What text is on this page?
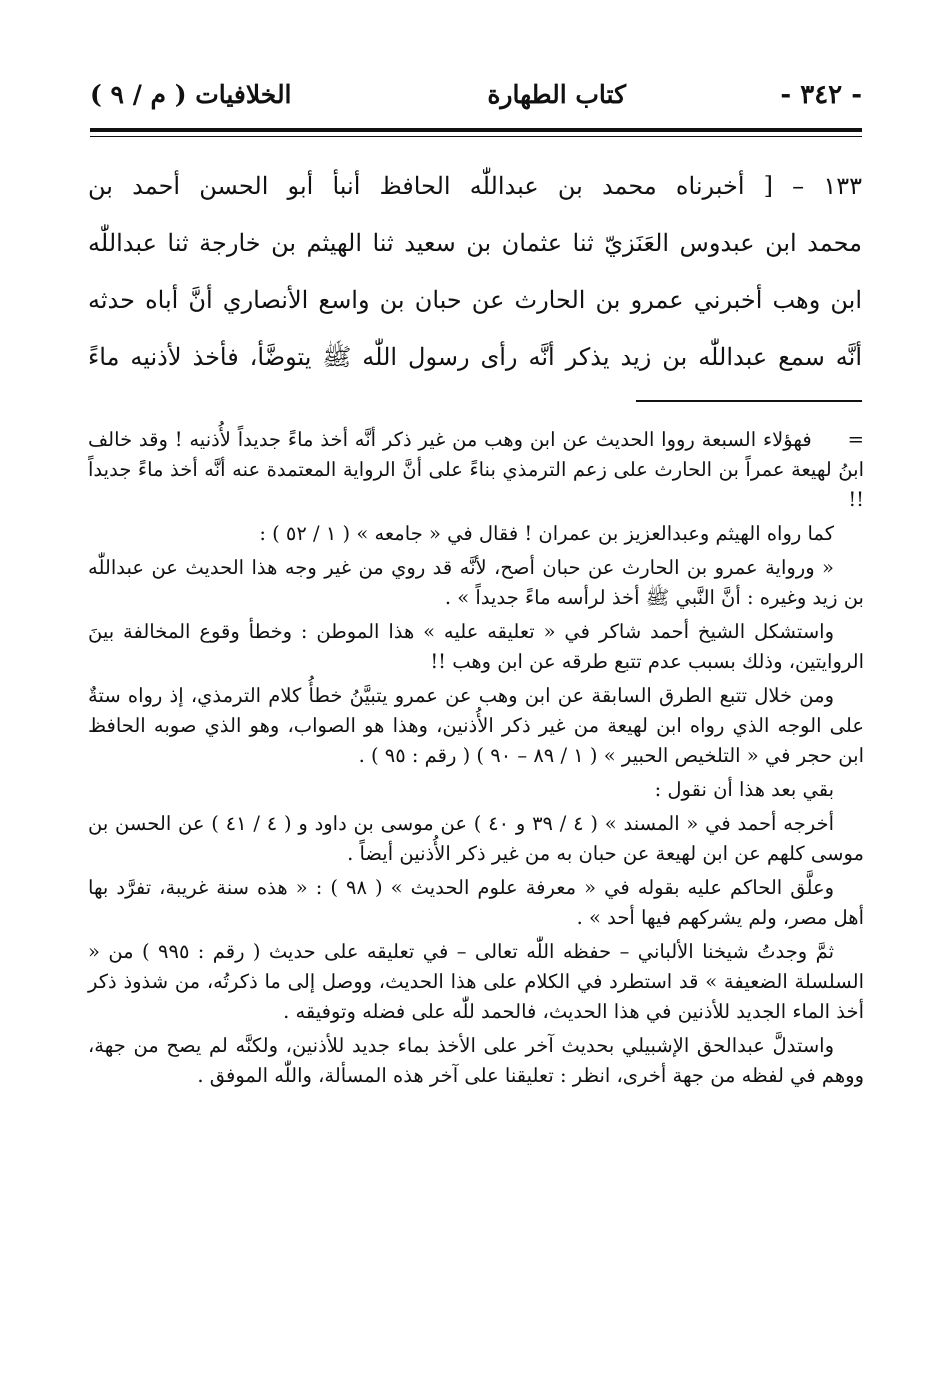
- ٣٤٢ -
كتاب الطهارة
الخلافيات ( م / ٩ )

١٣٣ – [ أخبرناه محمد بن عبداللّٰه الحافظ أنبأ أبو الحسن أحمد بن

محمد ابن عبدوس العَنَزيّ ثنا عثمان بن سعيد ثنا الهيثم بن خارجة ثنا عبداللّٰه

ابن وهب أخبرني عمرو بن الحارث عن حبان بن واسع الأنصاري أنَّ أباه حدثه

أنَّه سمع عبداللّٰه بن زيد يذكر أنَّه رأى رسول اللّٰه ﷺ يتوضَّأ، فأخذ لأذنيه ماءً

=فهؤلاء السبعة رووا الحديث عن ابن وهب من غير ذكر أنَّه أخذ ماءً جديداً لأُذنيه ! وقد خالف ابنُ لهيعة عمراً بن الحارث على زعم الترمذي بناءً على أنَّ الرواية المعتمدة عنه أنَّه أخذ ماءً جديداً !!

كما رواه الهيثم وعبدالعزيز بن عمران ! فقال في « جامعه » ( ١ / ٥٢ ) :

« ورواية عمرو بن الحارث عن حبان أصح، لأنَّه قد روي من غير وجه هذا الحديث عن عبداللّٰه بن زيد وغيره : أنَّ النَّبي ﷺ أخذ لرأسه ماءً جديداً » .

واستشكل الشيخ أحمد شاكر في « تعليقه عليه » هذا الموطن : وخطأ وقوع المخالفة بينَ الروايتين، وذلك بسبب عدم تتبع طرقه عن ابن وهب !!

ومن خلال تتبع الطرق السابقة عن ابن وهب عن عمرو يتبيَّنُ خطأُ كلام الترمذي، إذ رواه ستةٌ على الوجه الذي رواه ابن لهيعة من غير ذكر الأُذنين، وهذا هو الصواب، وهو الذي صوبه الحافظ ابن حجر في « التلخيص الحبير » ( ١ / ٨٩ – ٩٠ ) ( رقم : ٩٥ ) .

بقي بعد هذا أن نقول :

أخرجه أحمد في « المسند » ( ٤ / ٣٩ و ٤٠ ) عن موسى بن داود و ( ٤ / ٤١ ) عن الحسن بن موسى كلهم عن ابن لهيعة عن حبان به من غير ذكر الأُذنين أيضاً .

وعلَّق الحاكم عليه بقوله في « معرفة علوم الحديث » ( ٩٨ ) : « هذه سنة غريبة، تفرَّد بها أهل مصر، ولم يشركهم فيها أحد » .

ثمَّ وجدتُ شيخنا الألباني – حفظه اللّٰه تعالى – في تعليقه على حديث ( رقم : ٩٩٥ ) من « السلسلة الضعيفة » قد استطرد في الكلام على هذا الحديث، ووصل إلى ما ذكرتُه، من شذوذ ذكر أخذ الماء الجديد للأذنين في هذا الحديث، فالحمد للّٰه على فضله وتوفيقه .

واستدلَّ عبدالحق الإشبيلي بحديث آخر على الأخذ بماء جديد للأذنين، ولكنَّه لم يصح من جهة، ووهم في لفظه من جهة أخرى، انظر : تعليقنا على آخر هذه المسألة، واللّٰه الموفق .
